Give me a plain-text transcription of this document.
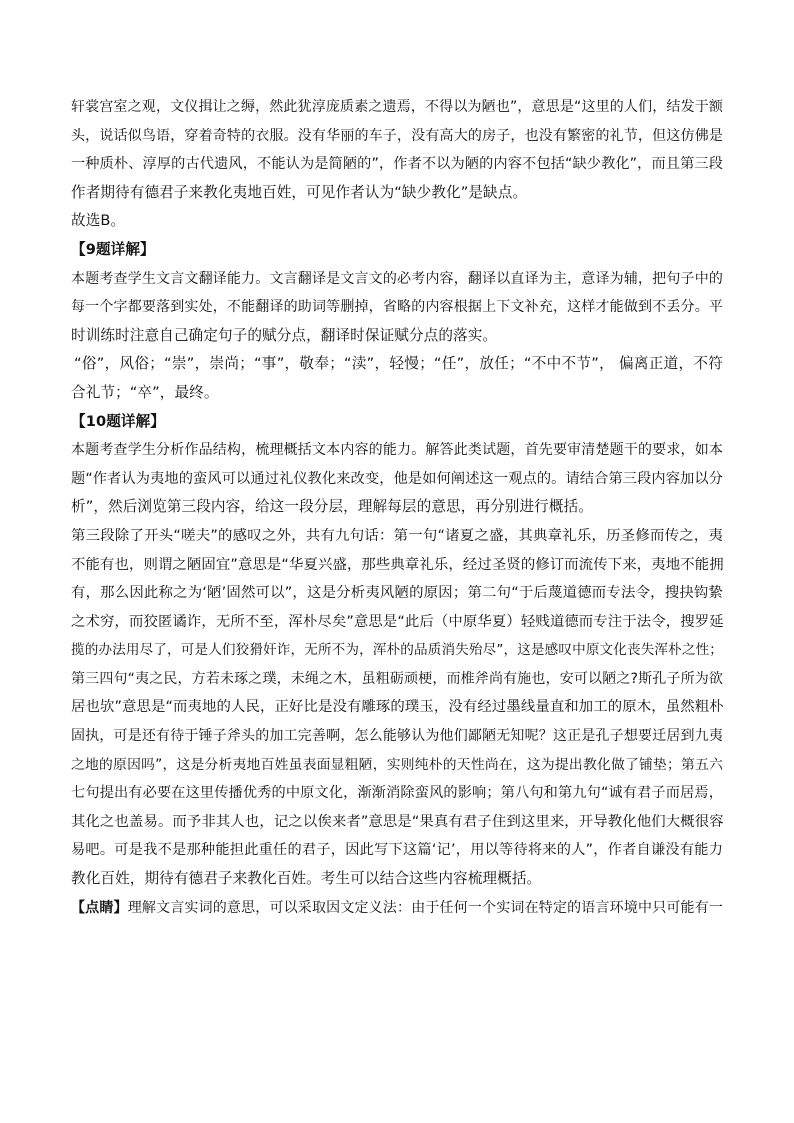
轩裳宫室之观，文仪揖让之缛，然此犹淳庞质素之遗焉，不得以为陋也”，意思是“这里的人们，结发于额
头，说话似鸟语，穿着奇特的衣服。没有华丽的车子，没有高大的房子，也没有繁密的礼节，但这仿佛是
一种质朴、淳厚的古代遗风，不能认为是简陋的”，作者不以为陋的内容不包括“缺少教化”，而且第三段
作者期待有德君子来教化夷地百姓，可见作者认为“缺少教化”是缺点。
故选B。
【9题详解】
本题考查学生文言文翻译能力。文言翻译是文言文的必考内容，翻译以直译为主，意译为辅，把句子中的
每一个字都要落到实处，不能翻译的助词等删掉，省略的内容根据上下文补充，这样才能做到不丢分。平
时训练时注意自己确定句子的赋分点，翻译时保证赋分点的落实。
“俗”，风俗；“崇”，崇尚；“事”，敬奉；“渎”，轻慢；“任”，放任；“不中不节”， 偏离正道，不符
合礼节；“卒”，最终。
【10题详解】
本题考查学生分析作品结构，梳理概括文本内容的能力。解答此类试题，首先要审清楚题干的要求，如本
题“作者认为夷地的蛮风可以通过礼仪教化来改变，他是如何阐述这一观点的。请结合第三段内容加以分
析”，然后浏览第三段内容，给这一段分层，理解每层的意思，再分别进行概括。
第三段除了开头“嗟夫”的感叹之外，共有九句话：第一句“诸夏之盛，其典章礼乐，历圣修而传之，夷
不能有也，则谓之陋固宜”意思是“华夏兴盛，那些典章礼乐，经过圣贤的修订而流传下来，夷地不能拥
有，那么因此称之为‘陋’固然可以”，这是分析夷风陋的原因；第二句“于后蔑道德而专法令，搜抉钩絷
之术穷，而狡匿谲诈，无所不至，浑朴尽矣”意思是“此后（中原华夏）轻贱道德而专注于法令，搜罗延
揽的办法用尽了，可是人们狡猾奸诈，无所不为，浑朴的品质消失殆尽”，这是感叹中原文化丧失浑朴之性；
第三四句“夷之民，方若未琢之璞，未绳之木，虽粗砺顽梗，而椎斧尚有施也，安可以陋之?斯孔子所为欲
居也欤”意思是“而夷地的人民，正好比是没有雕琢的璞玉，没有经过墨线量直和加工的原木，虽然粗朴
固执，可是还有待于锤子斧头的加工完善啊，怎么能够认为他们鄙陋无知呢？这正是孔子想要迁居到九夷
之地的原因吗”，这是分析夷地百姓虽表面显粗陋，实则纯朴的天性尚在，这为提出教化做了铺垫；第五六
七句提出有必要在这里传播优秀的中原文化，渐渐消除蛮风的影响；第八句和第九句“诚有君子而居焉，
其化之也盖易。而予非其人也，记之以俟来者”意思是“果真有君子住到这里来，开导教化他们大概很容
易吧。可是我不是那种能担此重任的君子，因此写下这篇‘记’，用以等待将来的人”，作者自谦没有能力
教化百姓，期待有德君子来教化百姓。考生可以结合这些内容梳理概括。
【点睛】理解文言实词的意思，可以采取因文定义法：由于任何一个实词在特定的语言环境中只可能有一
